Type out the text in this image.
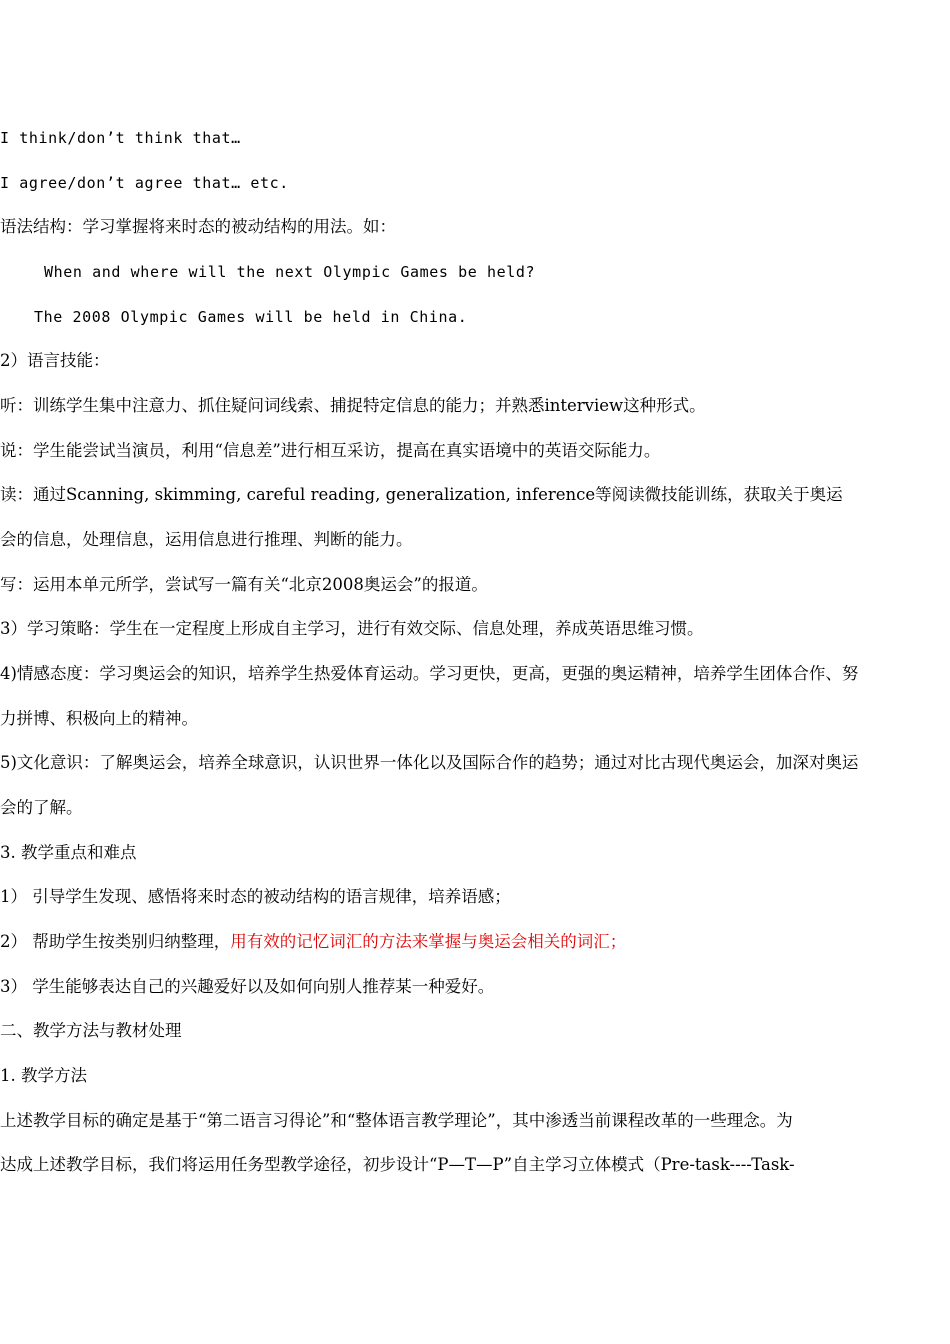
I think/don’t think that…
I agree/don’t agree that… etc.
语法结构：学习掌握将来时态的被动结构的用法。如：
When and where will the next Olympic Games be held?
The 2008 Olympic Games will be held in China.
2）语言技能：
听：训练学生集中注意力、抓住疑问词线索、捕捉特定信息的能力；并熟悉interview这种形式。
说：学生能尝试当演员，利用“信息差”进行相互采访，提高在真实语境中的英语交际能力。
读：通过Scanning, skimming, careful reading, generalization, inference等阅读微技能训练，获取关于奥运
会的信息，处理信息，运用信息进行推理、判断的能力。
写：运用本单元所学，尝试写一篇有关“北京2008奥运会”的报道。
3）学习策略：学生在一定程度上形成自主学习，进行有效交际、信息处理，养成英语思维习惯。
4)情感态度：学习奥运会的知识，培养学生热爱体育运动。学习更快，更高，更强的奥运精神，培养学生团体合作、努
力拼博、积极向上的精神。
5)文化意识：了解奥运会，培养全球意识，认识世界一体化以及国际合作的趋势；通过对比古现代奥运会，加深对奥运
会的了解。
3. 教学重点和难点
1） 引导学生发现、感悟将来时态的被动结构的语言规律，培养语感；
2） 帮助学生按类别归纳整理，用有效的记忆词汇的方法来掌握与奥运会相关的词汇；
3） 学生能够表达自己的兴趣爱好以及如何向别人推荐某一种爱好。
二、教学方法与教材处理
1. 教学方法
上述教学目标的确定是基于“第二语言习得论”和“整体语言教学理论”，其中渗透当前课程改革的一些理念。为
达成上述教学目标，我们将运用任务型教学途径，初步设计“P—T—P”自主学习立体模式（Pre-task----Task-
